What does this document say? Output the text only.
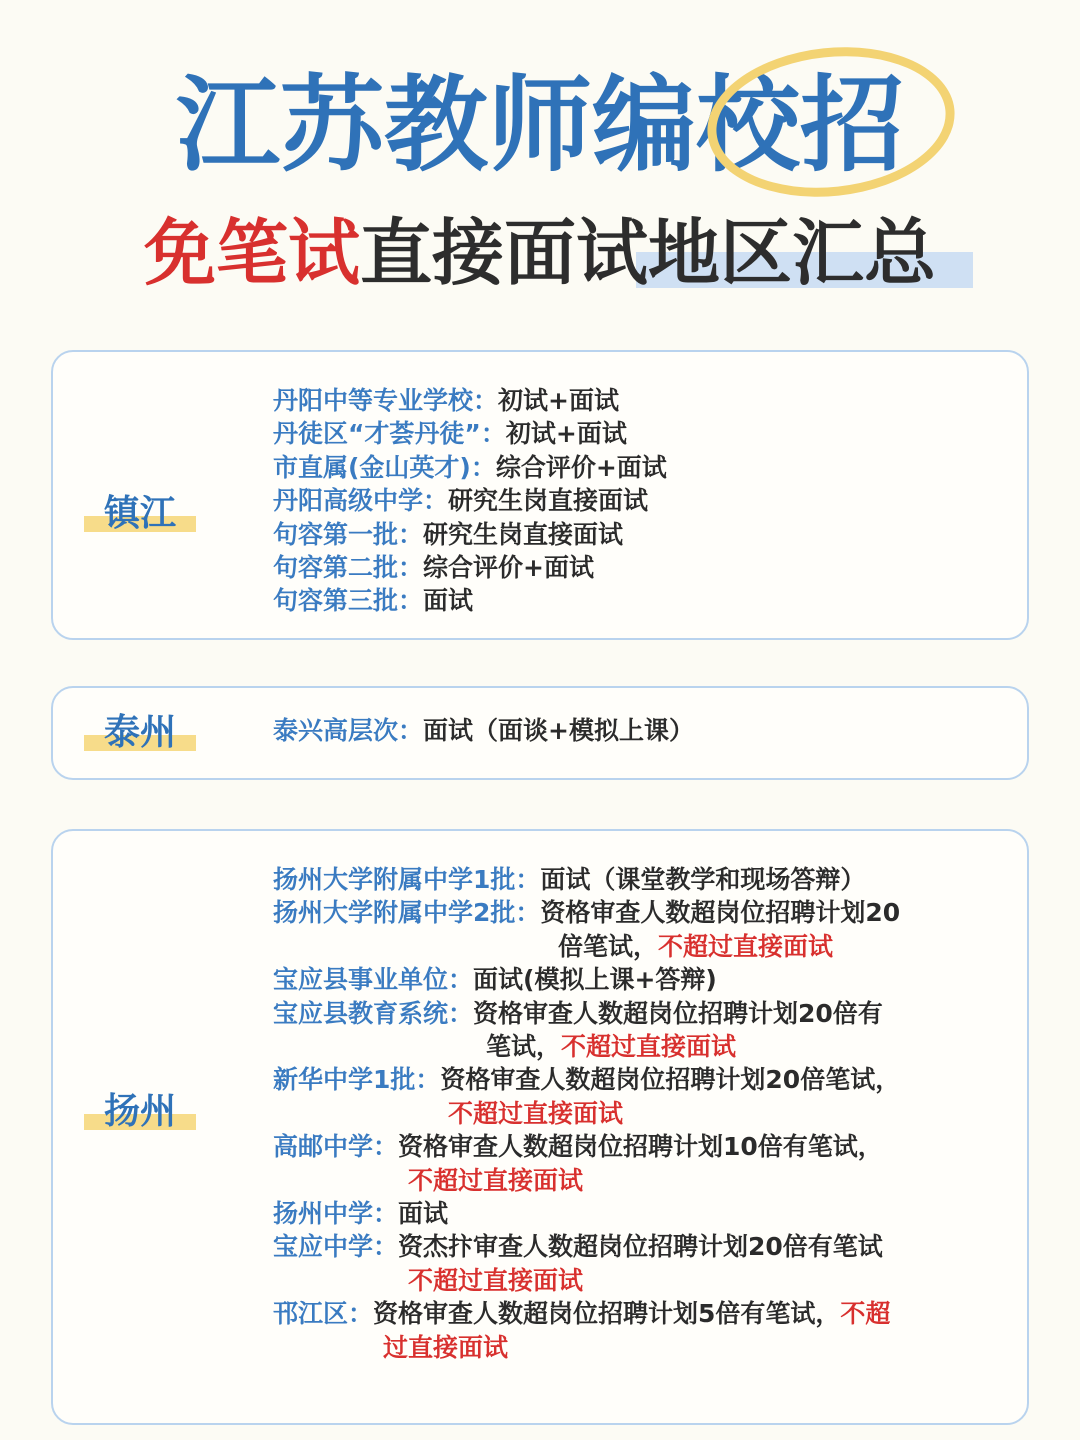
江苏教师编校招
免笔试直接面试地区汇总
镇江
丹阳中等专业学校：初试+面试
丹徒区“才荟丹徒”：初试+面试
市直属(金山英才)：综合评价+面试
丹阳高级中学：研究生岗直接面试
句容第一批：研究生岗直接面试
句容第二批：综合评价+面试
句容第三批：面试
泰州	泰兴高层次：面试（面谈+模拟上课）
扬州
扬州大学附属中学1批：面试（课堂教学和现场答辩）
扬州大学附属中学2批：资格审查人数超岗位招聘计划20
倍笔试，不超过直接面试
宝应县事业单位：面试(模拟上课+答辩)
宝应县教育系统：资格审查人数超岗位招聘计划20倍有
笔试，不超过直接面试
新华中学1批：资格审查人数超岗位招聘计划20倍笔试，
不超过直接面试
高邮中学：资格审查人数超岗位招聘计划10倍有笔试，
不超过直接面试
扬州中学：面试
宝应中学：资杰抃审查人数超岗位招聘计划20倍有笔试
不超过直接面试
邗江区：资格审查人数超岗位招聘计划5倍有笔试，不超
过直接面试
